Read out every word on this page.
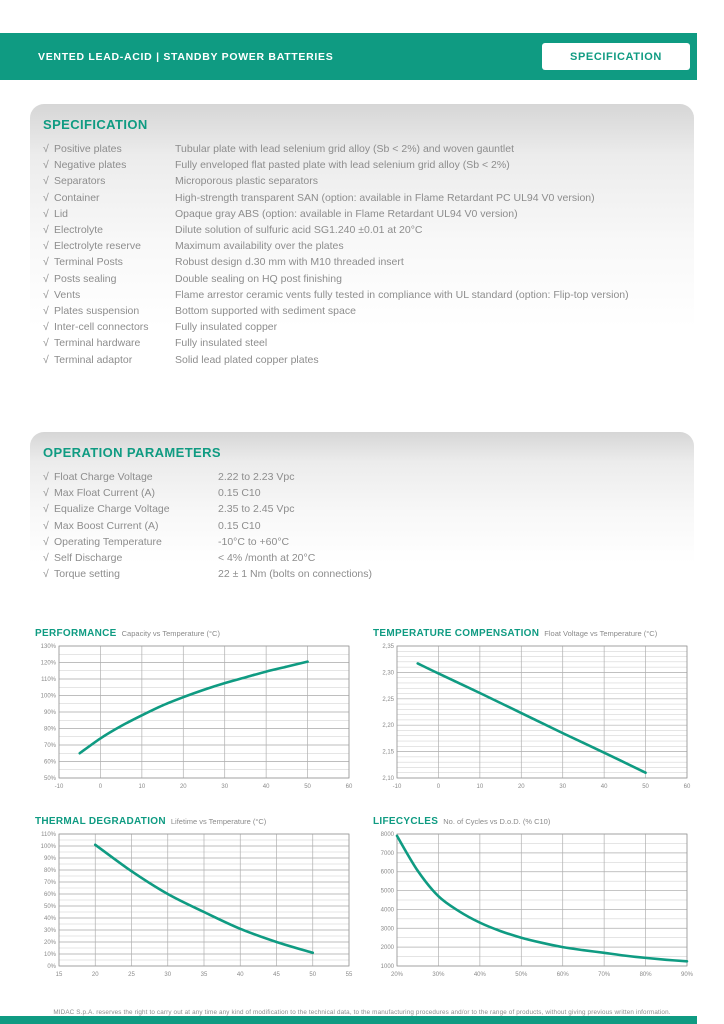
VENTED LEAD-ACID | STANDBY POWER BATTERIES	SPECIFICATION
SPECIFICATION
√ Positive plates	Tubular plate with lead selenium grid alloy (Sb < 2%) and woven gauntlet
√ Negative plates	Fully enveloped flat pasted plate with lead selenium grid alloy (Sb < 2%)
√ Separators	Microporous plastic separators
√ Container	High-strength transparent SAN (option: available in Flame Retardant PC UL94 V0 version)
√ Lid	Opaque gray ABS (option: available in Flame Retardant UL94 V0 version)
√ Electrolyte	Dilute solution of sulfuric acid SG1.240 ±0.01 at 20°C
√ Electrolyte reserve	Maximum availability over the plates
√ Terminal Posts	Robust design d.30 mm with M10 threaded insert
√ Posts sealing	Double sealing on HQ post finishing
√ Vents	Flame arrestor ceramic vents fully tested in compliance with UL standard (option: Flip-top version)
√ Plates suspension	Bottom supported with sediment space
√ Inter-cell connectors	Fully insulated copper
√ Terminal hardware	Fully insulated steel
√ Terminal adaptor	Solid lead plated copper plates
OPERATION PARAMETERS
√ Float Charge Voltage	2.22 to 2.23 Vpc
√ Max Float Current (A)	0.15 C10
√ Equalize Charge Voltage	2.35 to 2.45 Vpc
√ Max Boost Current (A)	0.15 C10
√ Operating Temperature	-10°C to +60°C
√ Self Discharge	< 4% /month at 20°C
√ Torque setting	22 ± 1 Nm (bolts on connections)
PERFORMANCE Capacity vs Temperature (°C)
130%
120%
110%
100%
90%
80%
70%
60%
50%
-10	0	10	20	30	40	50	60
TEMPERATURE COMPENSATION Float Voltage vs Temperature (°C)
2,35
2,30
2,25
2,20
2,15
2,10
-10	0	10	20	30	40	50	60
THERMAL DEGRADATION Lifetime vs Temperature (°C)
110%
100%
90%
80%
70%
60%
50%
40%
30%
20%
10%
0%
15	20	25	30	35	40	45	50	55
LIFECYCLES No. of Cycles vs D.o.D. (% C10)
8000
7000
6000
5000
4000
3000
2000
1000
20%	30%	40%	50%	60%	70%	80%	90%

MIDAC S.p.A. reserves the right to carry out at any time any kind of modification to the technical data, to the manufacturing procedures and/or to the range of products, without giving previous written information.
